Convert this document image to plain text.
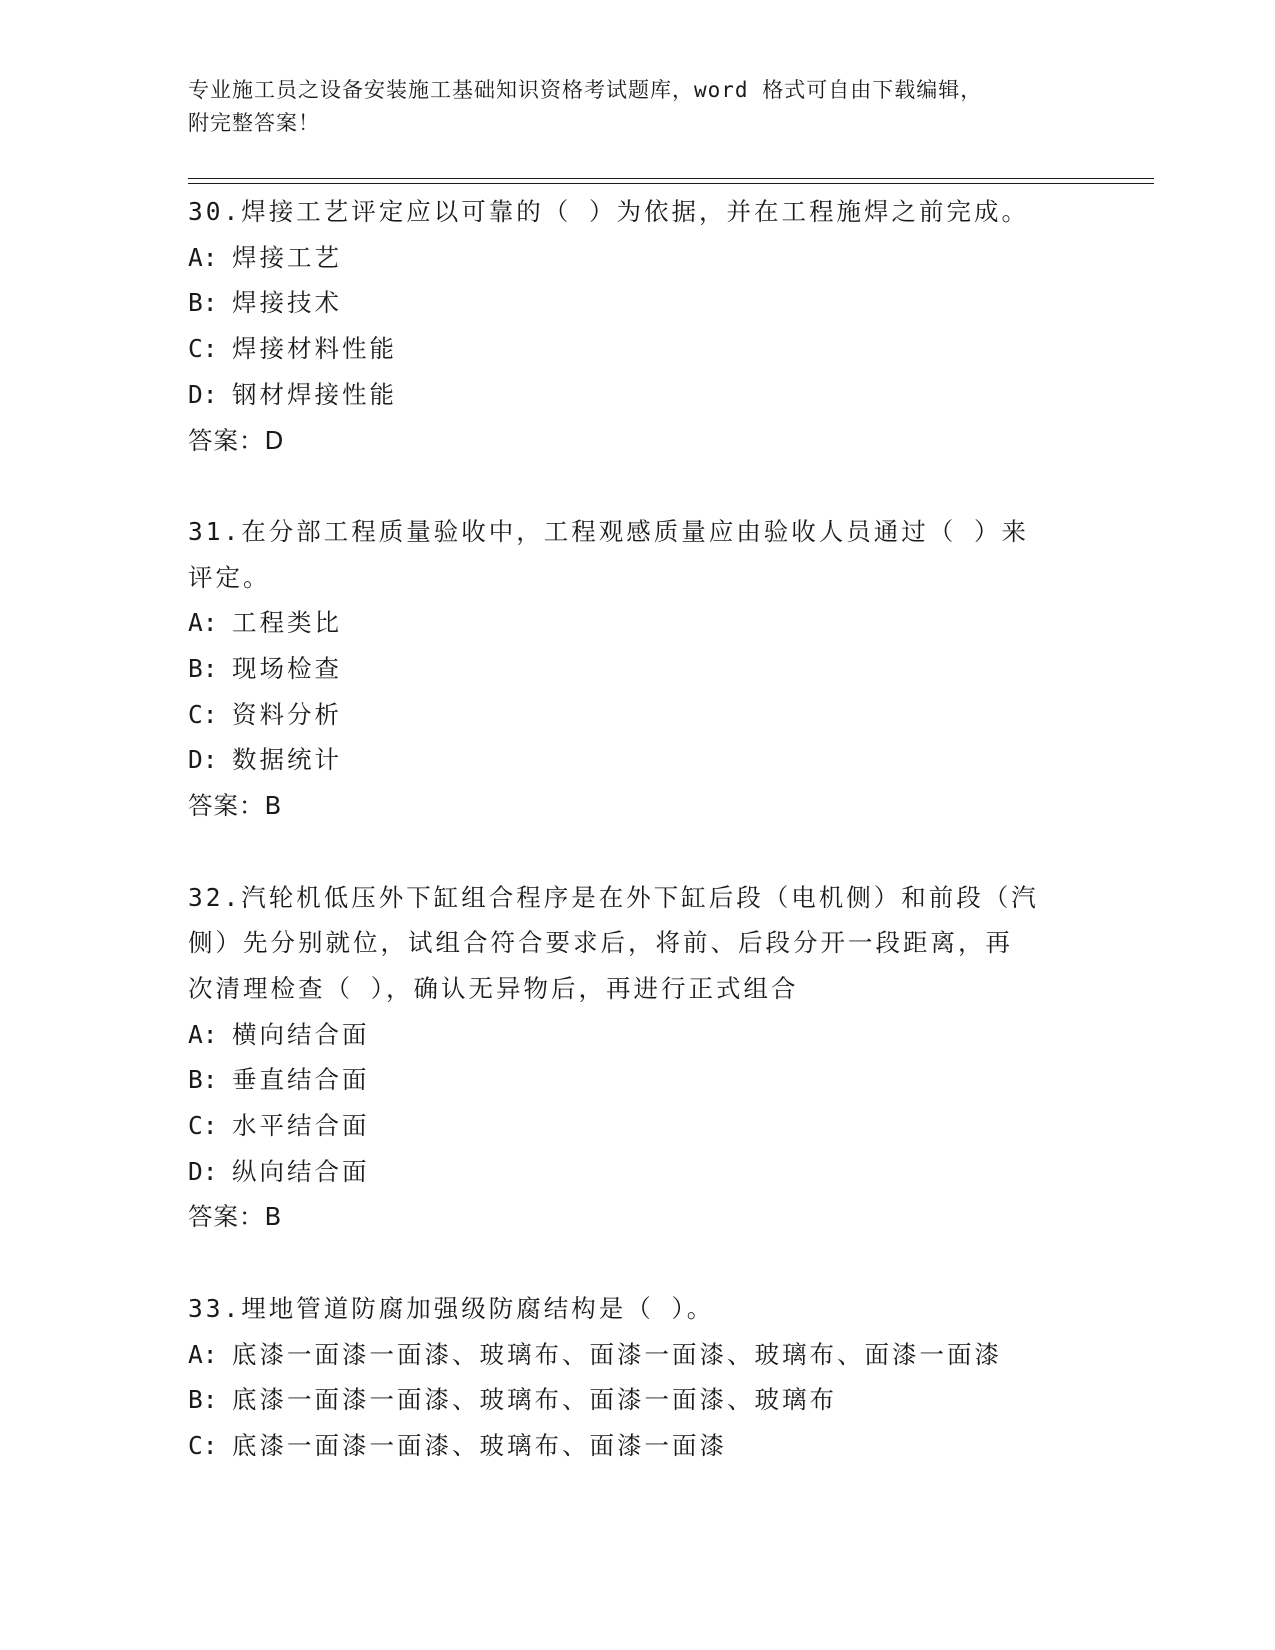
专业施工员之设备安装施工基础知识资格考试题库，word 格式可自由下载编辑，
附完整答案！
30.焊接工艺评定应以可靠的（ ）为依据，并在工程施焊之前完成。
A: 焊接工艺
B: 焊接技术
C: 焊接材料性能
D: 钢材焊接性能
答案：D
31.在分部工程质量验收中，工程观感质量应由验收人员通过（ ）来
评定。
A: 工程类比
B: 现场检查
C: 资料分析
D: 数据统计
答案：B
32.汽轮机低压外下缸组合程序是在外下缸后段（电机侧）和前段（汽
侧）先分别就位，试组合符合要求后，将前、后段分开一段距离，再
次清理检查（ ），确认无异物后，再进行正式组合
A: 横向结合面
B: 垂直结合面
C: 水平结合面
D: 纵向结合面
答案：B
33.埋地管道防腐加强级防腐结构是（ ）。
A: 底漆一面漆一面漆、玻璃布、面漆一面漆、玻璃布、面漆一面漆
B: 底漆一面漆一面漆、玻璃布、面漆一面漆、玻璃布
C: 底漆一面漆一面漆、玻璃布、面漆一面漆
